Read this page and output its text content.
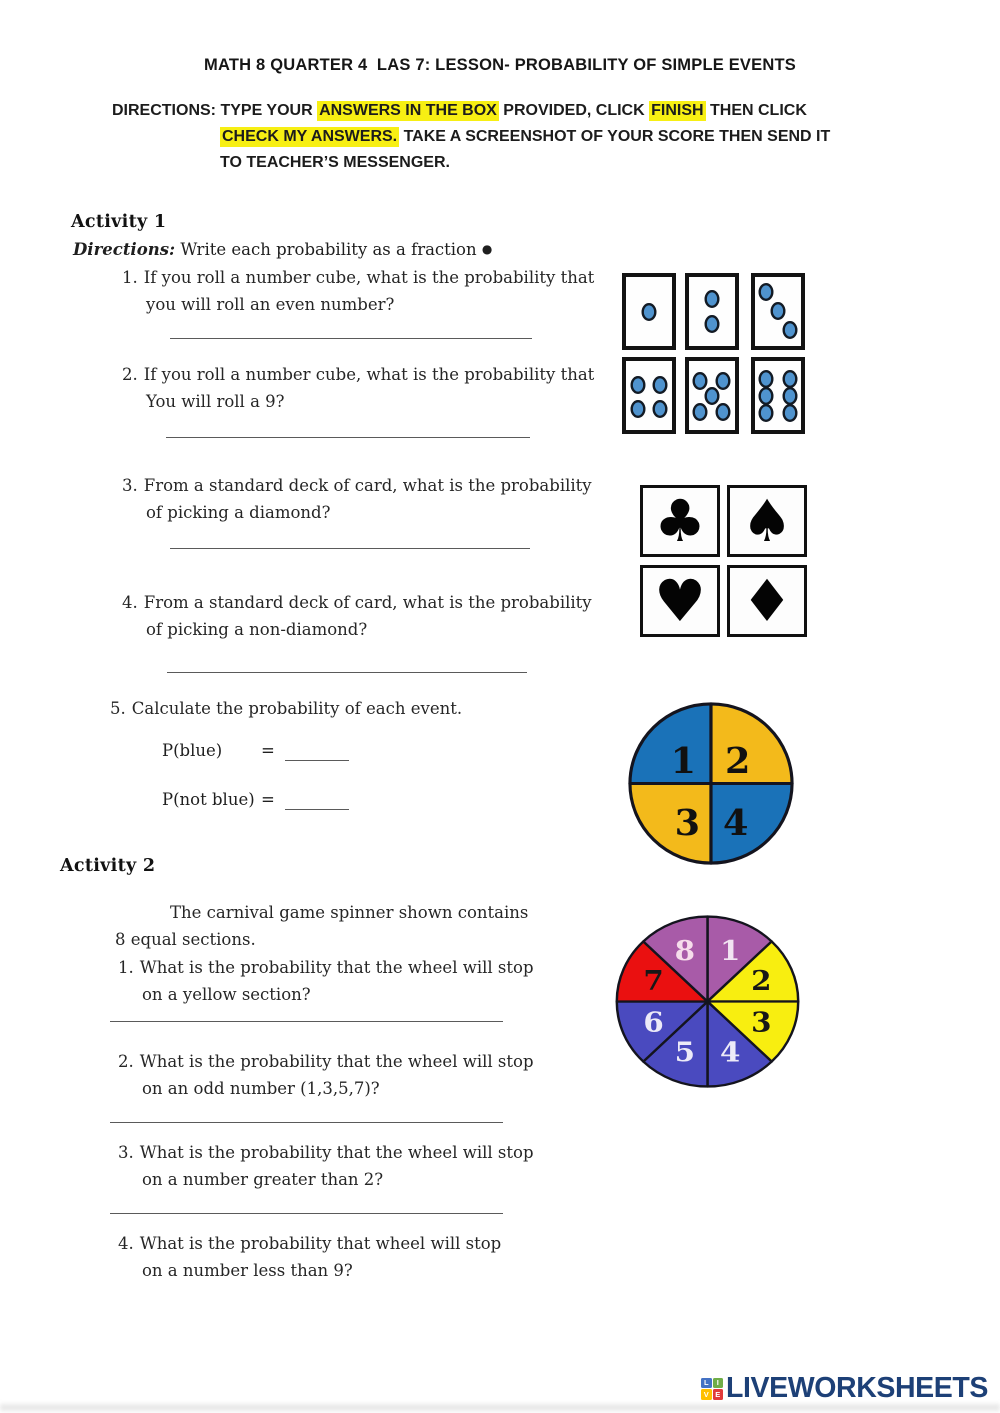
MATH 8 QUARTER 4  LAS 7: LESSON- PROBABILITY OF SIMPLE EVENTS
DIRECTIONS: TYPE YOUR ANSWERS IN THE BOX PROVIDED, CLICK FINISH THEN CLICK
CHECK MY ANSWERS. TAKE A SCREENSHOT OF YOUR SCORE THEN SEND IT
TO TEACHER’S MESSENGER.
Activity 1
Directions: Write each probability as a fraction ●
1. If you roll a number cube, what is the probability that
you will roll an even number?
2. If you roll a number cube, what is the probability that
You will roll a 9?
3. From a standard deck of card, what is the probability
of picking a diamond?
4. From a standard deck of card, what is the probability
of picking a non-diamond?
5. Calculate the probability of each event.
P(blue) =
P(not blue) =
♣ ♠
♥ ♦
1 2
3 4
Activity 2
The carnival game spinner shown contains
8 equal sections.
1. What is the probability that the wheel will stop
on a yellow section?
2. What is the probability that the wheel will stop
on an odd number (1,3,5,7)?
3. What is the probability that the wheel will stop
on a number greater than 2?
4. What is the probability that wheel will stop
on a number less than 9?
1
2
3
4
5
6
7
8
L	I
V E LIVEWORKSHEETS
